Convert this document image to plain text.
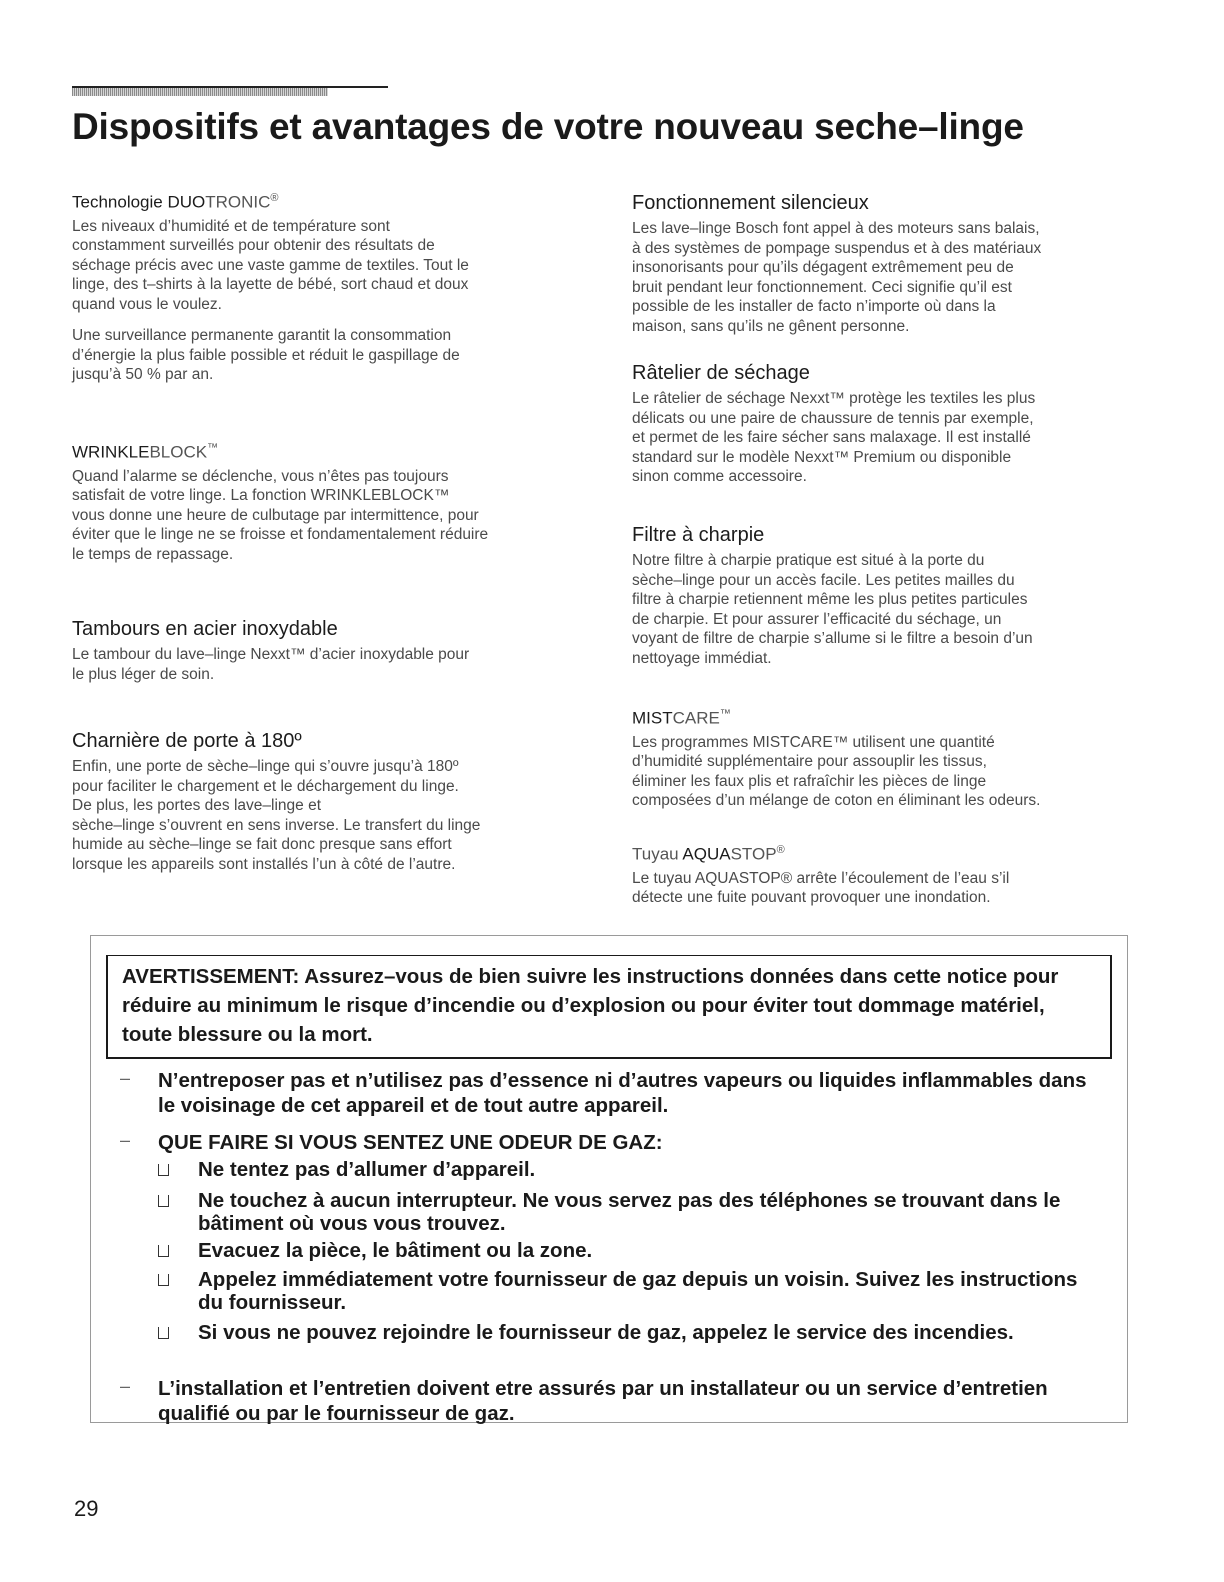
Dispositifs et avantages de votre nouveau seche–linge
Technologie DUOTRONIC®

Les niveaux d’humidité et de température sont
constamment surveillés pour obtenir des résultats de
séchage précis avec une vaste gamme de textiles. Tout le
linge, des t–shirts à la layette de bébé, sort chaud et doux
quand vous le voulez.

Une surveillance permanente garantit la consommation
d’énergie la plus faible possible et réduit le gaspillage de
jusqu’à 50 % par an.

WRINKLEBLOCK™

Quand l’alarme se déclenche, vous n’êtes pas toujours
satisfait de votre linge. La fonction WRINKLEBLOCK™
vous donne une heure de culbutage par intermittence, pour
éviter que le linge ne se froisse et fondamentalement réduire
le temps de repassage.

Tambours en acier inoxydable

Le tambour du lave–linge Nexxt™ d’acier inoxydable pour
le plus léger de soin.

Charnière de porte à 180º

Enfin, une porte de sèche–linge qui s’ouvre jusqu’à 180º
pour faciliter le chargement et le déchargement du linge.
De plus, les portes des lave–linge et
sèche–linge s’ouvrent en sens inverse. Le transfert du linge
humide au sèche–linge se fait donc presque sans effort
lorsque les appareils sont installés l’un à côté de l’autre.

Fonctionnement silencieux

Les lave–linge Bosch font appel à des moteurs sans balais,
à des systèmes de pompage suspendus et à des matériaux
insonorisants pour qu’ils dégagent extrêmement peu de
bruit pendant leur fonctionnement. Ceci signifie qu’il est
possible de les installer de facto n’importe où dans la
maison, sans qu’ils ne gênent personne.

Râtelier de séchage

Le râtelier de séchage Nexxt™ protège les textiles les plus
délicats ou une paire de chaussure de tennis par exemple,
et permet de les faire sécher sans malaxage. Il est installé
standard sur le modèle Nexxt™ Premium ou disponible
sinon comme accessoire.

Filtre à charpie

Notre filtre à charpie pratique est situé à la porte du
sèche–linge pour un accès facile. Les petites mailles du
filtre à charpie retiennent même les plus petites particules
de charpie. Et pour assurer l’efficacité du séchage, un
voyant de filtre de charpie s’allume si le filtre a besoin d’un
nettoyage immédiat.

MISTCARE™

Les programmes MISTCARE™ utilisent une quantité
d’humidité supplémentaire pour assouplir les tissus,
éliminer les faux plis et rafraîchir les pièces de linge
composées d’un mélange de coton en éliminant les odeurs.

Tuyau AQUASTOP®

Le tuyau AQUASTOP® arrête l’écoulement de l’eau s’il
détecte une fuite pouvant provoquer une inondation.

AVERTISSEMENT: Assurez–vous de bien suivre les instructions données dans cette notice pour réduire au minimum le risque d’incendie ou d’explosion ou pour éviter tout dommage matériel, toute blessure ou la mort.

– N’entreposer pas et n’utilisez pas d’essence ni d’autres vapeurs ou liquides inflammables dans le voisinage de cet appareil et de tout autre appareil.

– QUE FAIRE SI VOUS SENTEZ UNE ODEUR DE GAZ:

Ne tentez pas d’allumer d’appareil.

Ne touchez à aucun interrupteur. Ne vous servez pas des téléphones se trouvant dans le bâtiment où vous vous trouvez.

Evacuez la pièce, le bâtiment ou la zone.

Appelez immédiatement votre fournisseur de gaz depuis un voisin. Suivez les instructions du fournisseur.

Si vous ne pouvez rejoindre le fournisseur de gaz, appelez le service des incendies.

– L’installation et l’entretien doivent etre assurés par un installateur ou un service d’entretien qualifié ou par le fournisseur de gaz.

29
